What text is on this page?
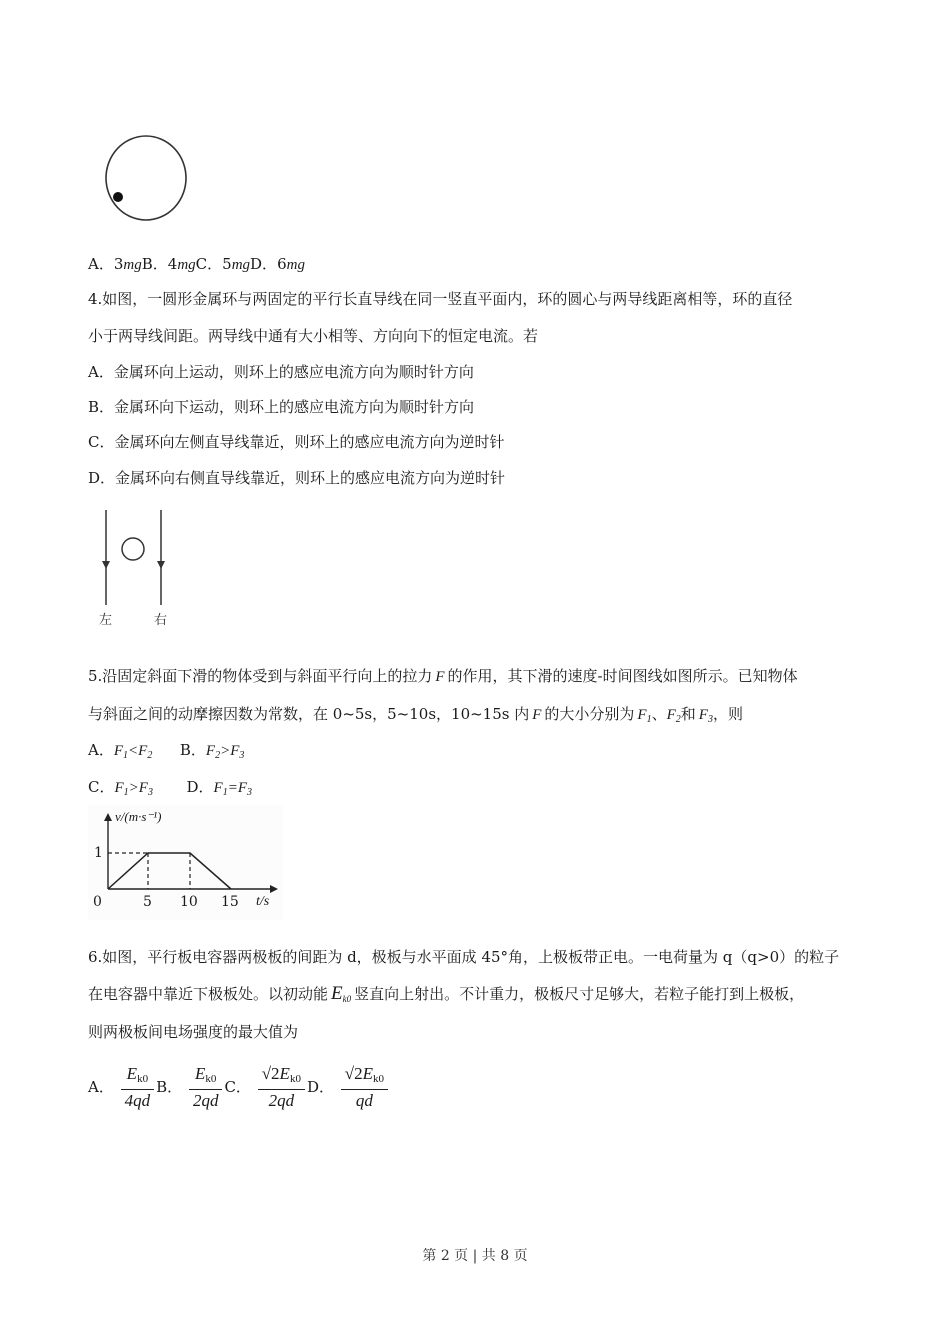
A．3mgB．4mgC．5mgD．6mg
4.如图，一圆形金属环与两固定的平行长直导线在同一竖直平面内，环的圆心与两导线距离相等，环的直径
小于两导线间距。两导线中通有大小相等、方向向下的恒定电流。若
A．金属环向上运动，则环上的感应电流方向为顺时针方向
B．金属环向下运动，则环上的感应电流方向为顺时针方向
C．金属环向左侧直导线靠近，则环上的感应电流方向为逆时针
D．金属环向右侧直导线靠近，则环上的感应电流方向为逆时针
左	右
5.沿固定斜面下滑的物体受到与斜面平行向上的拉力 F 的作用，其下滑的速度-时间图线如图所示。已知物体
与斜面之间的动摩擦因数为常数，在 0~5s，5~10s，10~15s 内 F 的大小分别为 $F_1$、$F_2$和 $F_3$，则
A．$F_1<F_2$ B．$F_2>F_3$
C．$F_1>F_3$ D．$F_1=F_3$
v/(m·s⁻¹)
1
0	5 10 15 t/s
6.如图，平行板电容器两极板的间距为 d，极板与水平面成 45°角，上极板带正电。一电荷量为 q（q>0）的粒子
在电容器中靠近下极板处。以初动能 $E_{k0}$ 竖直向上射出。不计重力，极板尺寸足够大，若粒子能打到上极板，
则两极板间电场强度的最大值为
A． $\frac{E_{k0}}{4qd}$ B． $\frac{E_{k0}}{2qd}$ C． $\frac{√2E_{k0}}{2qd}$ D． $\frac{√2E_{k0}}{qd}$
第 2 页 | 共 8 页
